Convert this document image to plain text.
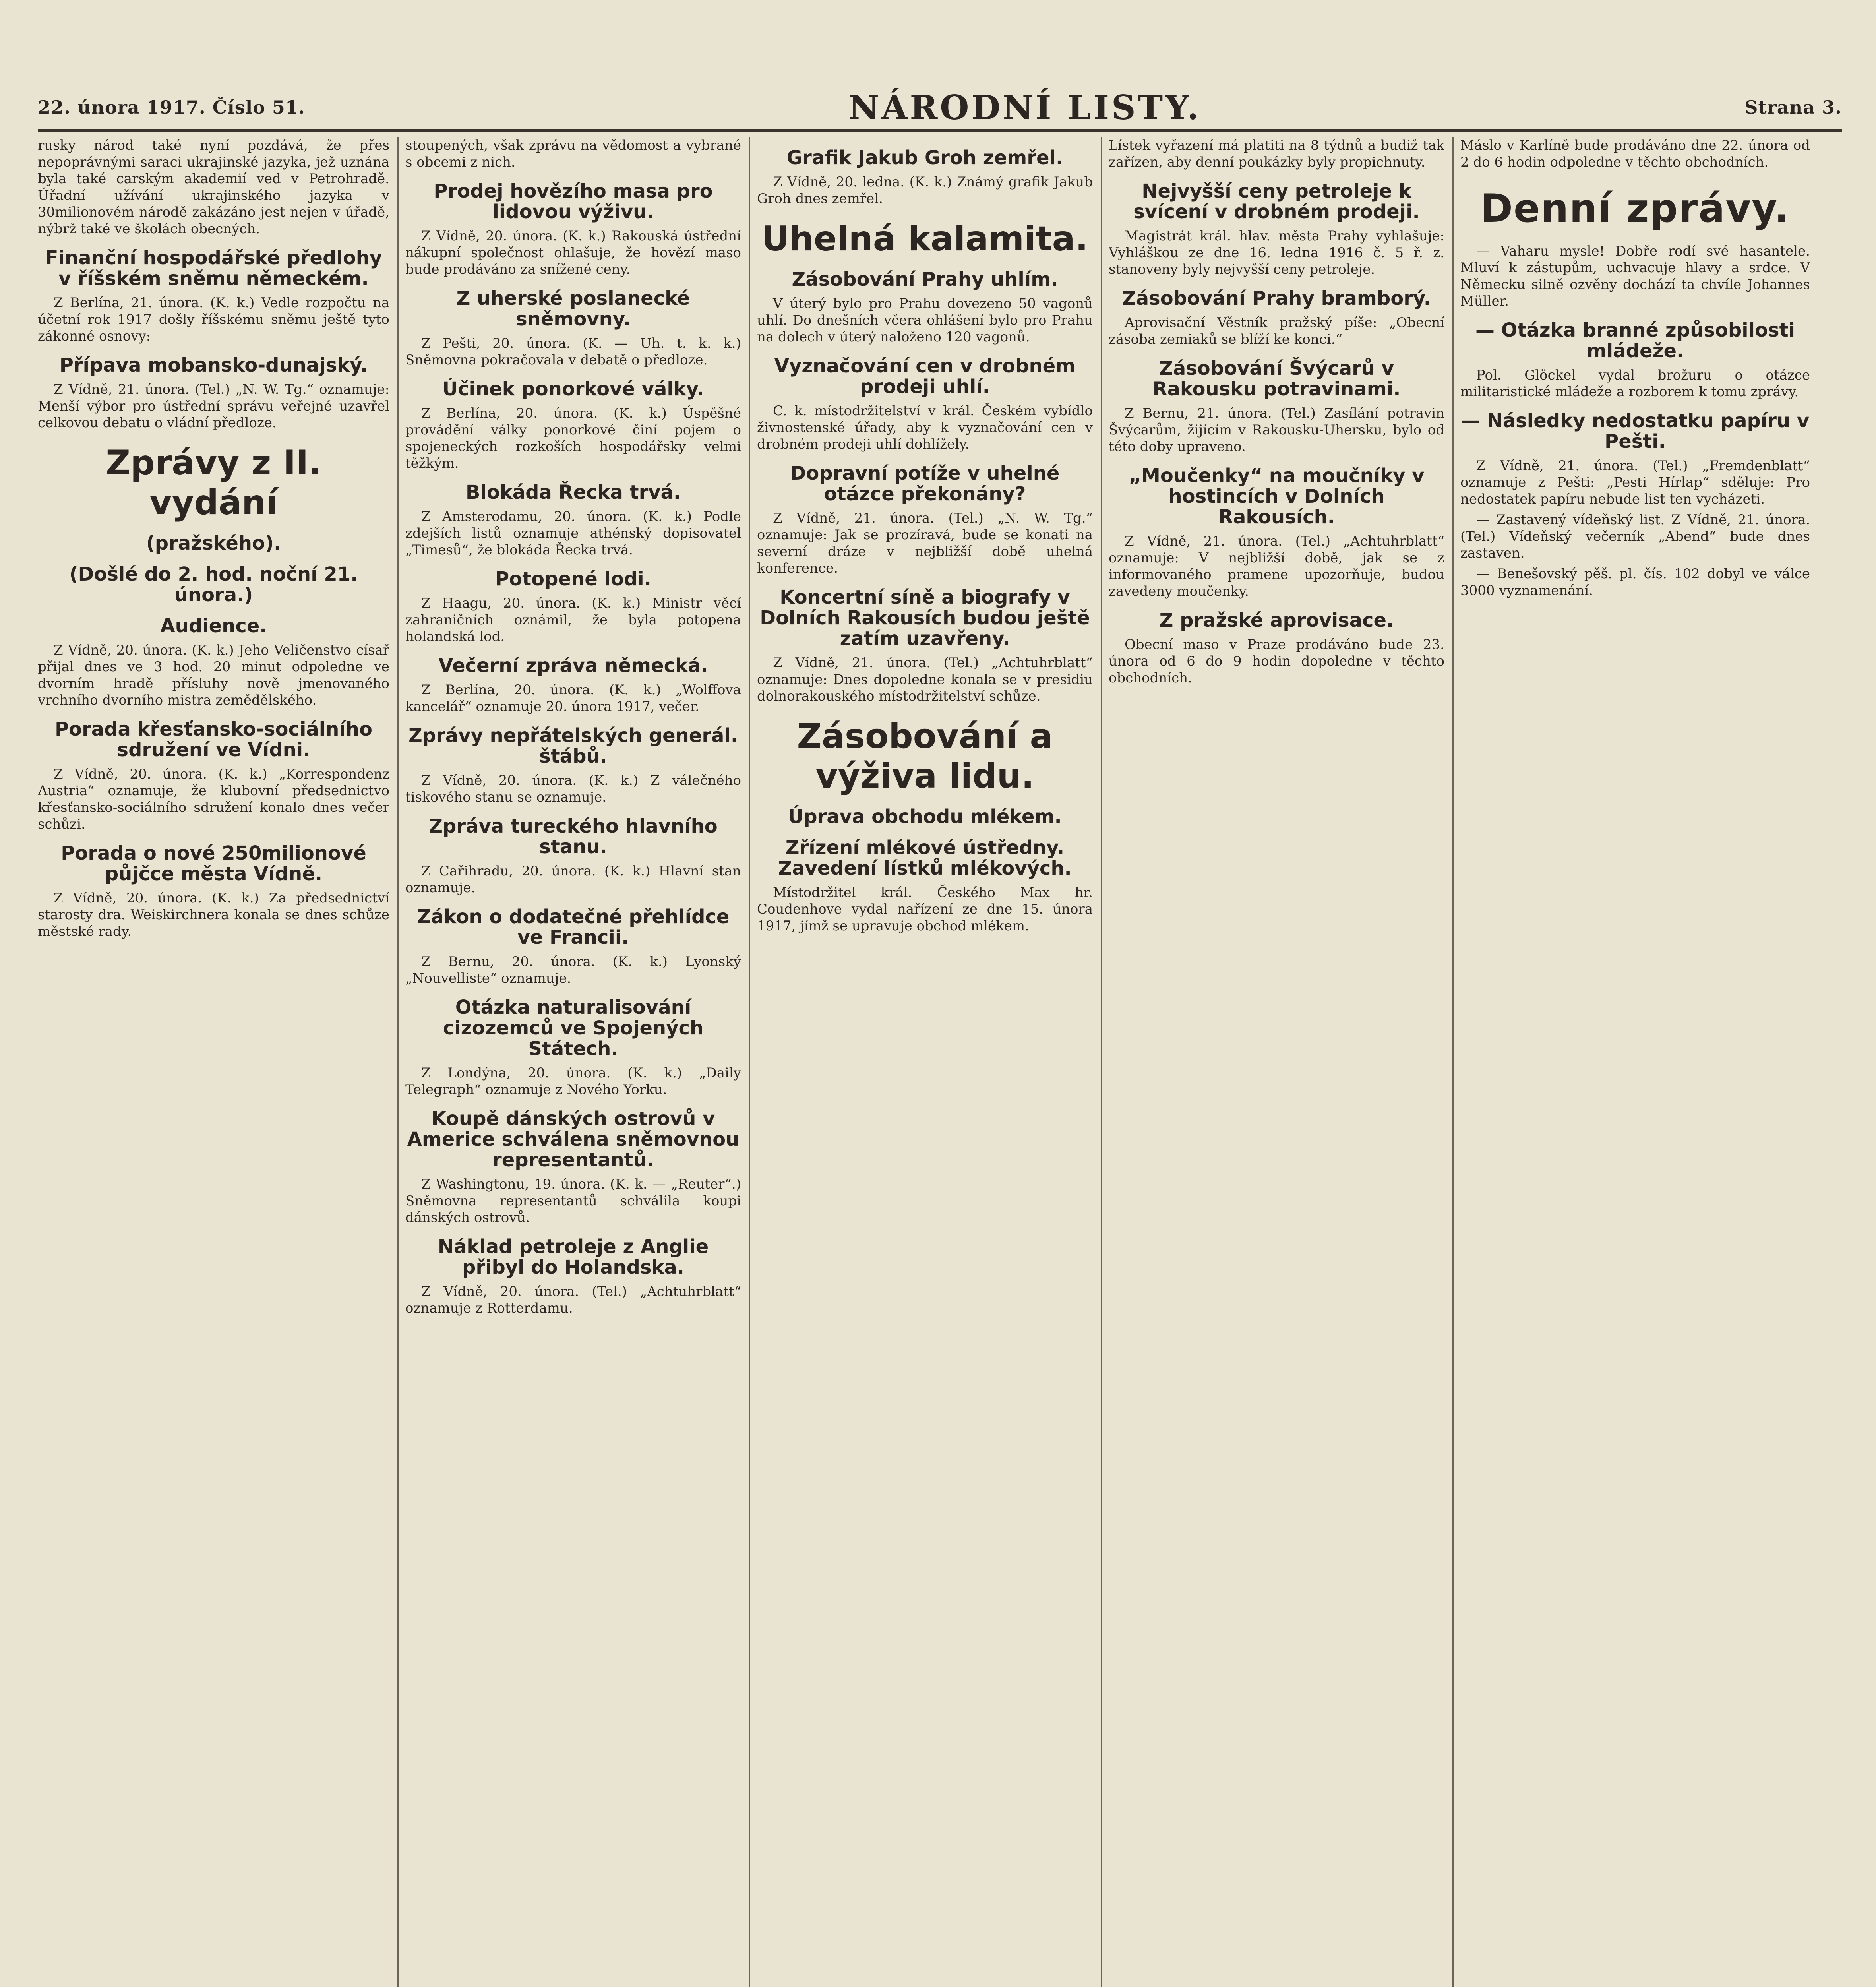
22. února 1917. Číslo 51.	NÁRODNÍ LISTY.	Strana 3.

rusky národ také nyní pozdává, že přes nepoprávnými saraci ukrajinské jazyka, jež uznána byla také carským akademií ved v Petrohradě. Úřadní užívání ukrajinského jazyka v 30milionovém národě zakázáno jest nejen v úřadě, nýbrž také ve školách obecných.

Finanční hospodářské předlohy v říšském sněmu německém.

Z Berlína, 21. února. (K. k.) Vedle rozpočtu na účetní rok 1917 došly říšskému sněmu ještě tyto zákonné osnovy:

Přípava mobansko-dunajský.

Z Vídně, 21. února. (Tel.) „N. W. Tg.“ oznamuje: Menší výbor pro ústřední správu veřejné uzavřel celkovou debatu o vládní předloze.

Zprávy z II. vydání
(pražského).
(Došlé do 2. hod. noční 21. února.)
Audience.

Z Vídně, 20. února. (K. k.) Jeho Veličenstvo císař přijal dnes ve 3 hod. 20 minut odpoledne ve dvorním hradě přísluhy nově jmenovaného vrchního dvorního mistra zemědělského.

Porada křesťansko-sociálního sdružení ve Vídni.

Z Vídně, 20. února. (K. k.) „Korrespondenz Austria“ oznamuje, že klubovní předsednictvo křesťansko-sociálního sdružení konalo dnes večer schůzi.

Porada o nové 250milionové půjčce města Vídně.

Z Vídně, 20. února. (K. k.) Za předsednictví starosty dra. Weiskirchnera konala se dnes schůze městské rady.

stoupených, však zprávu na vědomost a vybrané s obcemi z nich.

Prodej hovězího masa pro lidovou výživu.

Z Vídně, 20. února. (K. k.) Rakouská ústřední nákupní společnost ohlašuje, že hovězí maso bude prodáváno za snížené ceny.

Z uherské poslanecké sněmovny.

Z Pešti, 20. února. (K. — Uh. t. k. k.) Sněmovna pokračovala v debatě o předloze.

Účinek ponorkové války.

Z Berlína, 20. února. (K. k.) Úspěšné provádění války ponorkové činí pojem o spojeneckých rozkoších hospodářsky velmi těžkým.

Blokáda Řecka trvá.

Z Amsterodamu, 20. února. (K. k.) Podle zdejších listů oznamuje athénský dopisovatel „Timesů“, že blokáda Řecka trvá.

Potopené lodi.

Z Haagu, 20. února. (K. k.) Ministr věcí zahraničních oznámil, že byla potopena holandská lod.

Večerní zpráva německá.

Z Berlína, 20. února. (K. k.) „Wolffova kancelář“ oznamuje 20. února 1917, večer.

Zprávy nepřátelských generál. štábů.

Z Vídně, 20. února. (K. k.) Z válečného tiskového stanu se oznamuje.

Zpráva tureckého hlavního stanu.

Z Cařihradu, 20. února. (K. k.) Hlavní stan oznamuje.

Zákon o dodatečné přehlídce ve Francii.

Z Bernu, 20. února. (K. k.) Lyonský „Nouvelliste“ oznamuje.

Otázka naturalisování cizozemců ve Spojených Státech.

Z Londýna, 20. února. (K. k.) „Daily Telegraph“ oznamuje z Nového Yorku.

Koupě dánských ostrovů v Americe schválena sněmovnou representantů.

Z Washingtonu, 19. února. (K. k. — „Reuter“.) Sněmovna representantů schválila koupi dánských ostrovů.

Náklad petroleje z Anglie přibyl do Holandska.

Z Vídně, 20. února. (Tel.) „Achtuhrblatt“ oznamuje z Rotterdamu.

Grafik Jakub Groh zemřel.

Z Vídně, 20. ledna. (K. k.) Známý grafik Jakub Groh dnes zemřel.

Uhelná kalamita.
Zásobování Prahy uhlím.

V úterý bylo pro Prahu dovezeno 50 vagonů uhlí. Do dnešních včera ohlášení bylo pro Prahu na dolech v úterý naloženo 120 vagonů.

Vyznačování cen v drobném prodeji uhlí.

C. k. místodržitelství v král. Českém vybídlo živnostenské úřady, aby k vyznačování cen v drobném prodeji uhlí dohlížely.

Dopravní potíže v uhelné otázce překonány?

Z Vídně, 21. února. (Tel.) „N. W. Tg.“ oznamuje: Jak se prozíravá, bude se konati na severní dráze v nejbližší době uhelná konference.

Koncertní síně a biografy v Dolních Rakousích budou ještě zatím uzavřeny.

Z Vídně, 21. února. (Tel.) „Achtuhrblatt“ oznamuje: Dnes dopoledne konala se v presidiu dolnorakouského místodržitelství schůze.

Zásobování a výživa lidu.
Úprava obchodu mlékem.
Zřízení mlékové ústředny. Zavedení lístků mlékových.

Místodržitel král. Českého Max hr. Coudenhove vydal nařízení ze dne 15. února 1917, jímž se upravuje obchod mlékem.

Lístek vyřazení má platiti na 8 týdnů a budiž tak zařízen, aby denní poukázky byly propichnuty.

Nejvyšší ceny petroleje k svícení v drobném prodeji.

Magistrát král. hlav. města Prahy vyhlašuje: Vyhláškou ze dne 16. ledna 1916 č. 5 ř. z. stanoveny byly nejvyšší ceny petroleje.

Zásobování Prahy bramborý.

Aprovisační Věstník pražský píše: „Obecní zásoba zemiaků se blíží ke konci.“

Zásobování Švýcarů v Rakousku potravinami.

Z Bernu, 21. února. (Tel.) Zasílání potravin Švýcarům, žijícím v Rakousku-Uhersku, bylo od této doby upraveno.

„Moučenky“ na moučníky v hostincích v Dolních Rakousích.

Z Vídně, 21. února. (Tel.) „Achtuhrblatt“ oznamuje: V nejbližší době, jak se z informovaného pramene upozorňuje, budou zavedeny moučenky.

Z pražské aprovisace.

Obecní maso v Praze prodáváno bude 23. února od 6 do 9 hodin dopoledne v těchto obchodních.

Máslo v Karlíně bude prodáváno dne 22. února od 2 do 6 hodin odpoledne v těchto obchodních.

Denní zprávy.

— Vaharu mysle! Dobře rodí své hasantele. Mluví k zástupům, uchvacuje hlavy a srdce. V Německu silně ozvěny dochází ta chvíle Johannes Müller.

— Otázka branné způsobilosti mládeže.

Pol. Glöckel vydal brožuru o otázce militaristické mládeže a rozborem k tomu zprávy.

— Následky nedostatku papíru v Pešti.

Z Vídně, 21. února. (Tel.) „Fremdenblatt“ oznamuje z Pešti: „Pesti Hírlap“ sděluje: Pro nedostatek papíru nebude list ten vycházeti.

— Zastavený vídeňský list. Z Vídně, 21. února. (Tel.) Vídeňský večerník „Abend“ bude dnes zastaven.

— Benešovský pěš. pl. čís. 102 dobyl ve válce 3000 vyznamenání.
